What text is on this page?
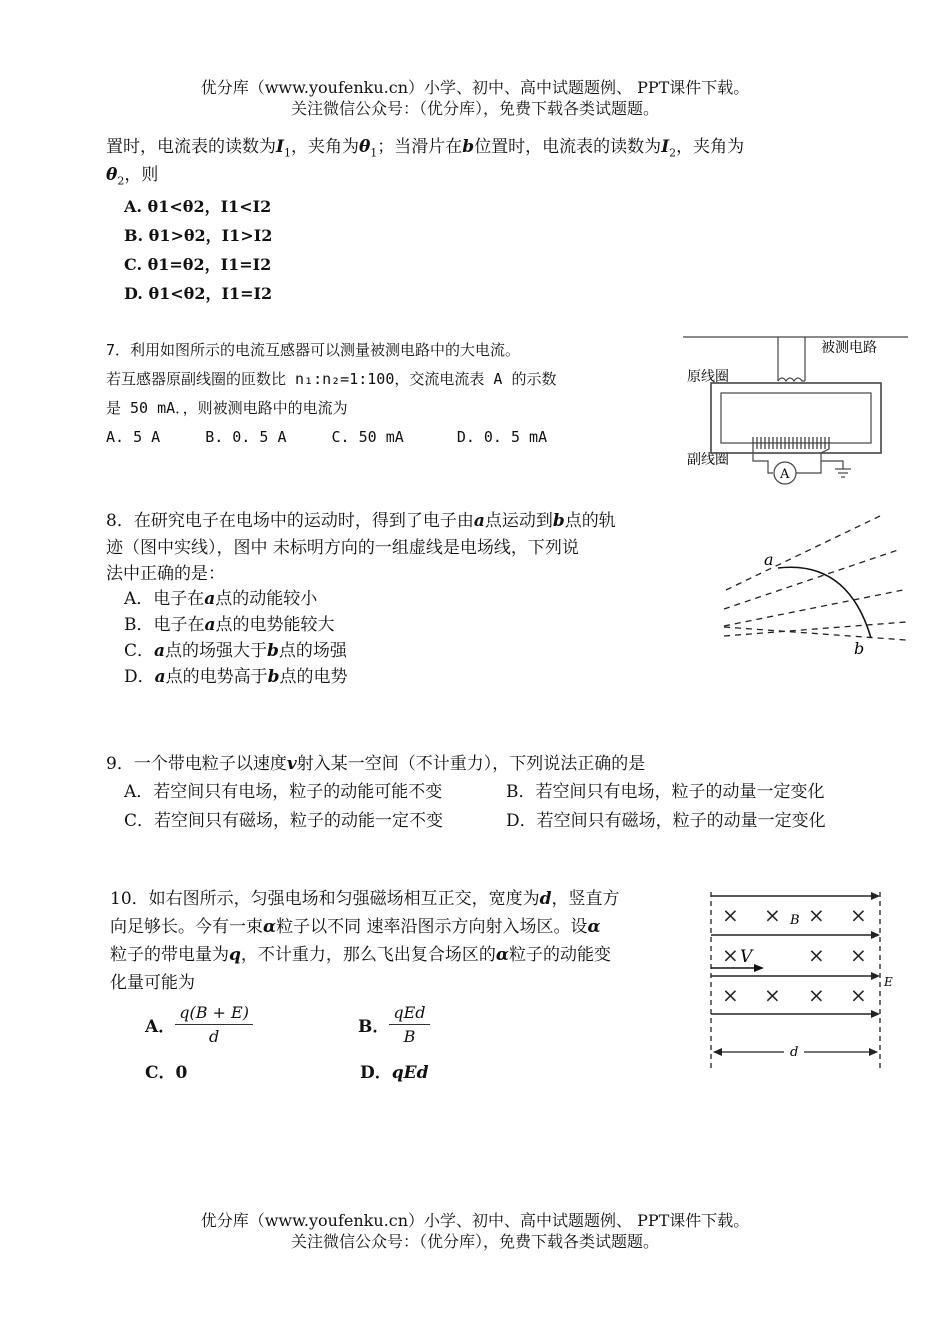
优分库（www.youfenku.cn）小学、初中、高中试题题例、 PPT课件下载。
关注微信公众号：（优分库），免费下载各类试题题。
置时，电流表的读数为$I_1$，夹角为$\theta_1$；当滑片在b位置时，电流表的读数为$I_2$，夹角为
$\theta_2$，则
A. θ1<θ2，I1<I2
B. θ1>θ2，I1>I2
C. θ1=θ2，I1=I2
D. θ1<θ2，I1=I2
7．利用如图所示的电流互感器可以测量被测电路中的大电流。
若互感器原副线圈的匝数比 n₁:n₂=1:100，交流电流表 A 的示数
是 50 mA．，则被测电路中的电流为
A. 5 A	B. 0. 5 A	C. 50 mA	D. 0. 5 mA
被测电路
原线圈
副线圈
A
8．在研究电子在电场中的运动时，得到了电子由a点运动到b点的轨
迹（图中实线），图中 未标明方向的一组虚线是电场线，下列说
法中正确的是：
A．电子在a点的动能较小
B．电子在a点的电势能较大
C．a点的场强大于b点的场强
D．a点的电势高于b点的电势
a
b
9．一个带电粒子以速度v射入某一空间（不计重力），下列说法正确的是
A．若空间只有电场，粒子的动能可能不变	B．若空间只有电场，粒子的动量一定变化
C．若空间只有磁场，粒子的动能一定不变	D．若空间只有磁场，粒子的动量一定变化
10．如右图所示，匀强电场和匀强磁场相互正交，宽度为d，竖直方
向足够长。今有一束α粒子以不同 速率沿图示方向射入场区。设α
粒子的带电量为q，不计重力，那么飞出复合场区的α粒子的动能变
化量可能为
A． $\frac{q(B + E)}{d}$	B． $\frac{\text{qEd}}{B}$
C．0	D．qEd
× × × ×
×	× ×
× × × ×
B
E
V
d
优分库（www.youfenku.cn）小学、初中、高中试题题例、 PPT课件下载。
关注微信公众号：（优分库），免费下载各类试题题。
